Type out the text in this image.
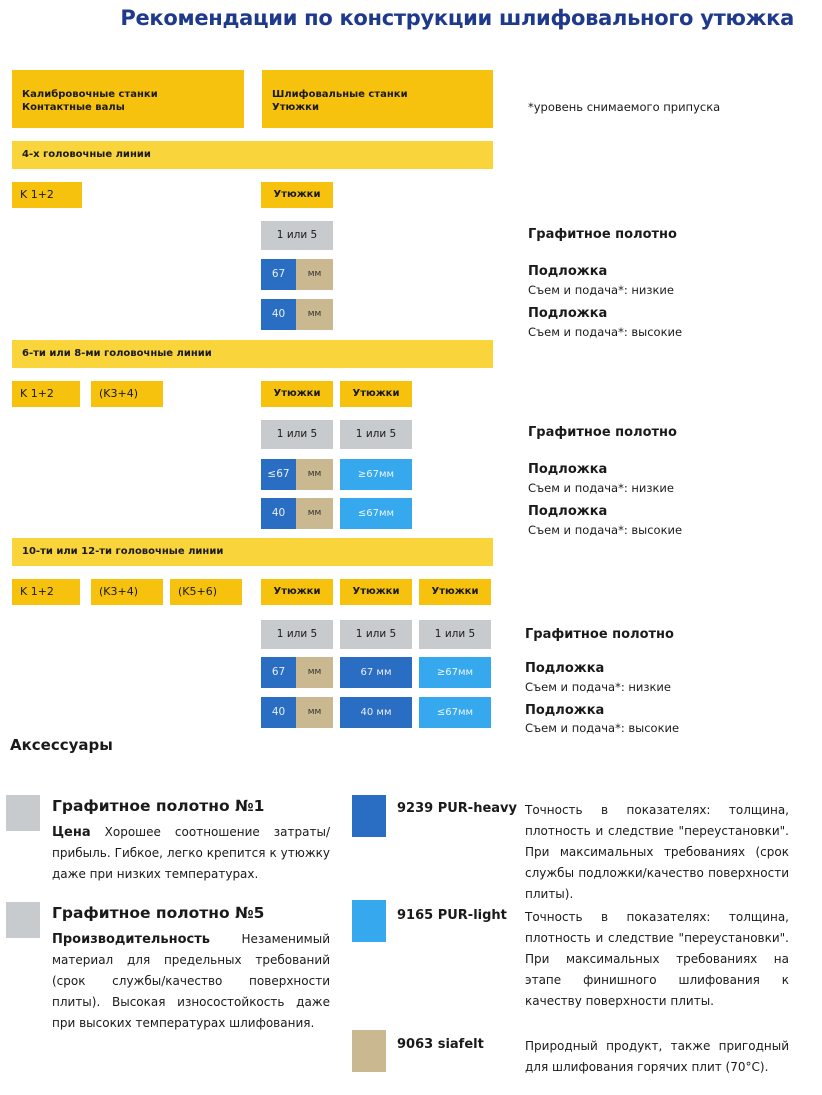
Рекомендации по конструкции шлифовального утюжка
Калибровочные станки
Контактные валы
Шлифовальные станки
Утюжки	*уровень снимаемого припуска
4-х головочные линии
K 1+2	Утюжки
1 или 5
67	мм
40	мм
Графитное полотно
Подложка
Съем и подача*: низкие
Подложка
Съем и подача*: высокие
6-ти или 8-ми головочные линии
K 1+2	(K3+4)	Утюжки	Утюжки
1 или 5	1 или 5
≤67	мм	≥67мм
40	мм	≤67мм
Графитное полотно
Подложка
Съем и подача*: низкие
Подложка
Съем и подача*: высокие
10-ти или 12-ти головочные линии
K 1+2	(K3+4)	(K5+6)	Утюжки	Утюжки	Утюжки
1 или 5	1 или 5	1 или 5
67	мм	67 мм	≥67мм
40	мм	40 мм	≤67мм
Графитное полотно
Подложка
Съем и подача*: низкие
Подложка
Съем и подача*: высокие
Аксессуары
Графитное полотно №1
Цена Хорошее соотношение затраты/прибыль. Гибкое, легко крепится к утюжку даже при низких температурах.
Графитное полотно №5
Производительность Незаменимый материал для предельных требований (срок службы/качество поверхности плиты). Высокая износостойкость даже при высоких температурах шлифования.
9239 PUR-heavy Точность в показателях: толщина, плотность и следствие "переустановки". При максимальных требованиях (срок службы подложки/качество поверхности плиты).
9165 PUR-light Точность в показателях: толщина, плотность и следствие "переустановки". При максимальных требованиях на этапе финишного шлифования к качеству поверхности плиты.
9063 siafelt	Природный продукт, также пригодный для шлифования горячих плит (70°C).
